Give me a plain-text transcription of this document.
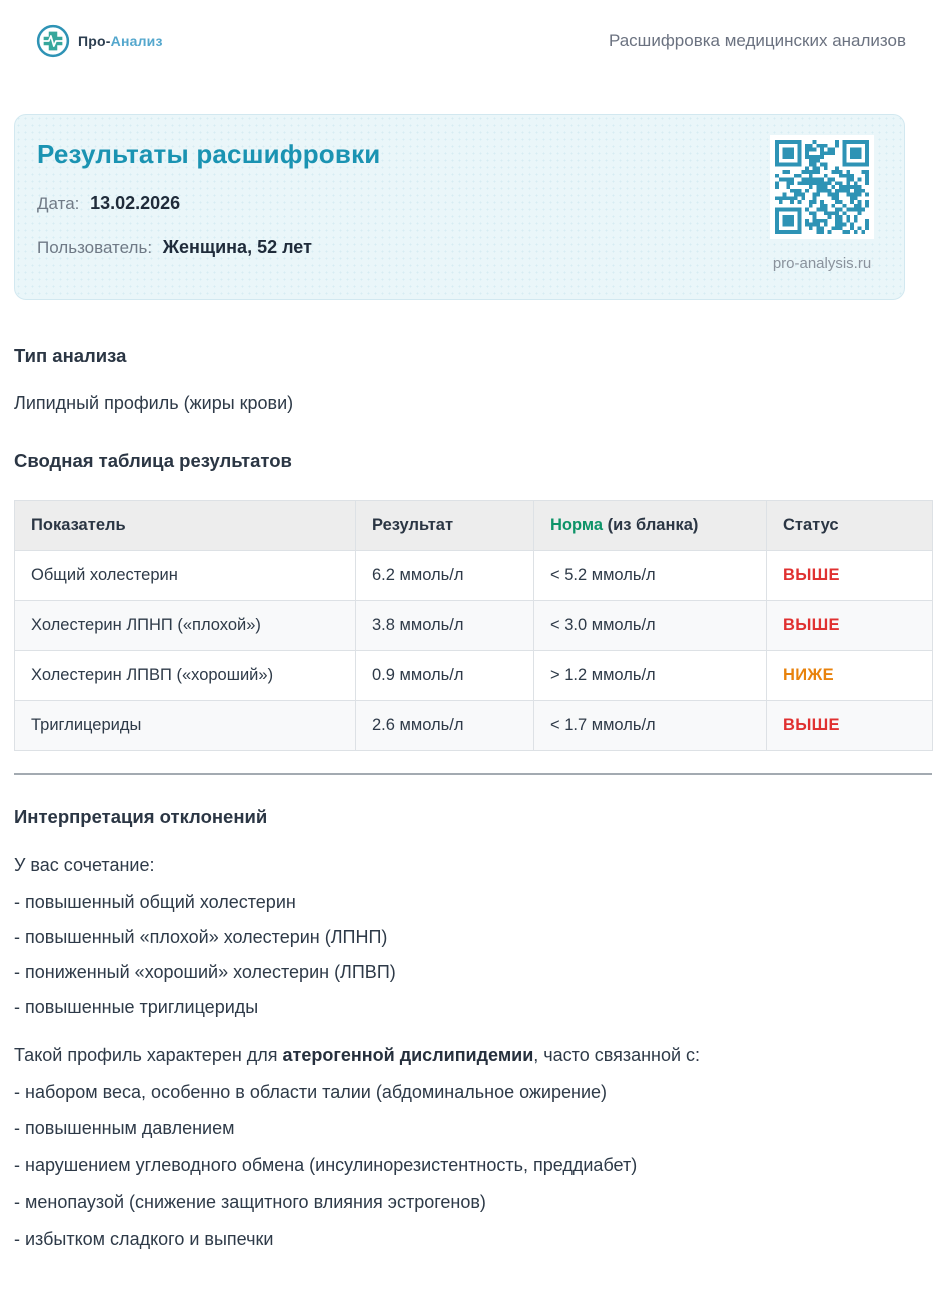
Про-Анализ	Расшифровка медицинских анализов
Результаты расшифровки
Дата: 13.02.2026
Пользователь: Женщина, 52 лет
pro-analysis.ru
Тип анализа
Липидный профиль (жиры крови)
Сводная таблица результатов
Показатель	Результат	Норма (из бланка)	Статус
Общий холестерин	6.2 ммоль/л	< 5.2 ммоль/л	ВЫШЕ
Холестерин ЛПНП («плохой»)	3.8 ммоль/л	< 3.0 ммоль/л	ВЫШЕ
Холестерин ЛПВП («хороший»)	0.9 ммоль/л	> 1.2 ммоль/л	НИЖЕ
Триглицериды	2.6 ммоль/л	< 1.7 ммоль/л	ВЫШЕ
Интерпретация отклонений
У вас сочетание:
- повышенный общий холестерин
- повышенный «плохой» холестерин (ЛПНП)
- пониженный «хороший» холестерин (ЛПВП)
- повышенные триглицериды
Такой профиль характерен для атерогенной дислипидемии, часто связанной с:
- набором веса, особенно в области талии (абдоминальное ожирение)
- повышенным давлением
- нарушением углеводного обмена (инсулинорезистентность, преддиабет)
- менопаузой (снижение защитного влияния эстрогенов)
- избытком сладкого и выпечки
